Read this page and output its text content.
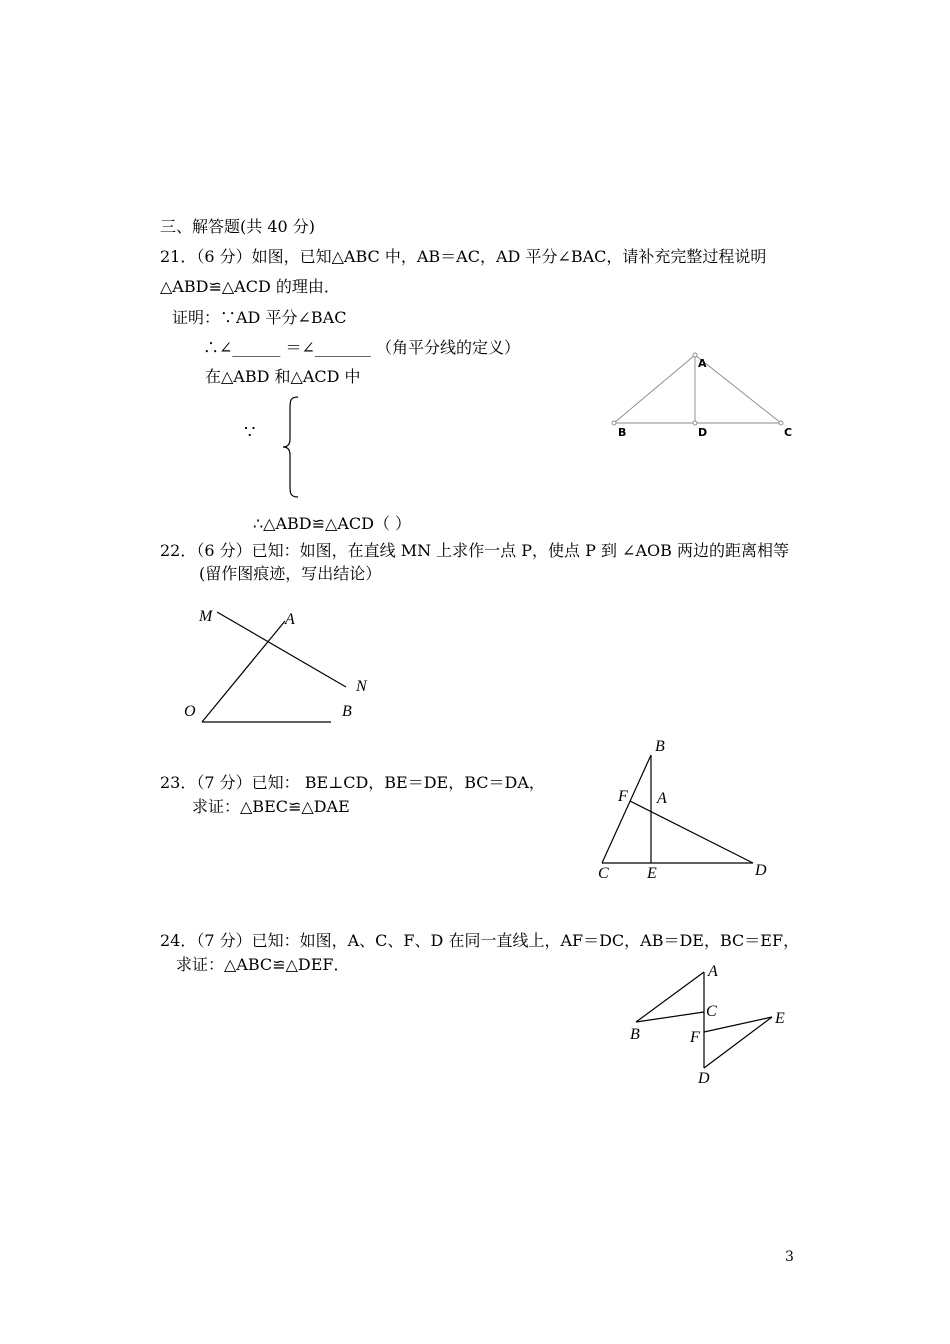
三、解答题(共 40 分)
21．（6 分）如图，已知△ABC 中，AB＝AC，AD 平分∠BAC，请补充完整过程说明
△ABD≌△ACD 的理由．
证明：∵AD 平分∠BAC
∴∠______ ＝∠_______ （角平分线的定义）
在△ABD 和△ACD 中
∵
∴△ABD≌△ACD（ ）
A
B	D	C
22．（6 分）已知：如图，在直线 MN 上求作一点 P，使点 P 到 ∠AOB 两边的距离相等
(留作图痕迹，写出结论）
M	A
N
O	B
23．（7 分）已知： BE⊥CD，BE＝DE，BC＝DA，
求证：△BEC≌△DAE
B
F A
C E	D
24．（7 分）已知：如图，A、C、F、D 在同一直线上，AF＝DC，AB＝DE，BC＝EF，
求证：△ABC≌△DEF．	A
C
B
E
F
D
3
